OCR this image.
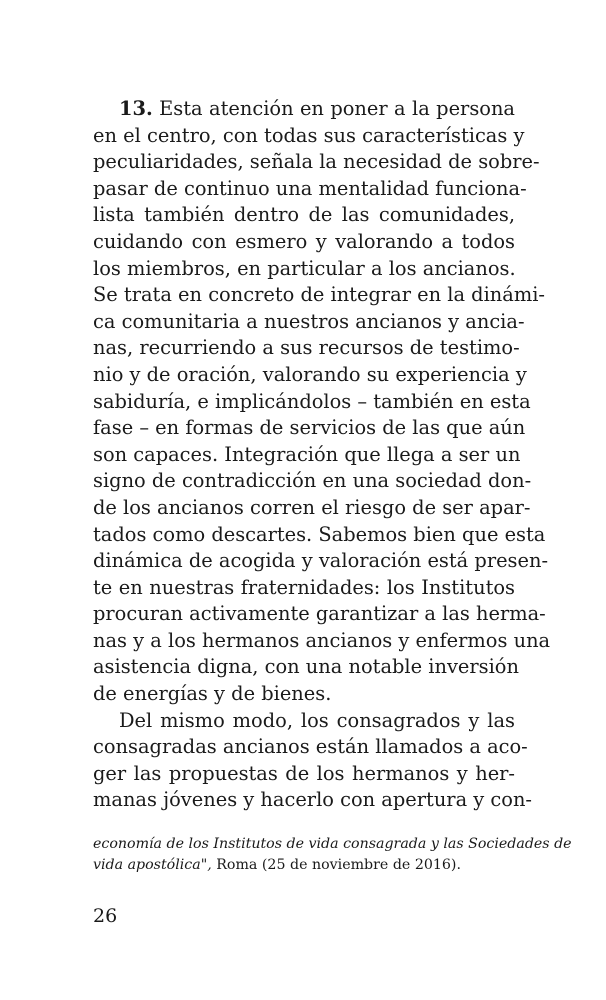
13. Esta atención en poner a la persona
en el centro, con todas sus características y
peculiaridades, señala la necesidad de sobre-
pasar de continuo una mentalidad funciona-
lista también dentro de las comunidades,
cuidando con esmero y valorando a todos
los miembros, en particular a los ancianos.
Se trata en concreto de integrar en la dinámi-
ca comunitaria a nuestros ancianos y ancia-
nas, recurriendo a sus recursos de testimo-
nio y de oración, valorando su experiencia y
sabiduría, e implicándolos – también en esta
fase – en formas de servicios de las que aún
son capaces. Integración que llega a ser un
signo de contradicción en una sociedad don-
de los ancianos corren el riesgo de ser apar-
tados como descartes. Sabemos bien que esta
dinámica de acogida y valoración está presen-
te en nuestras fraternidades: los Institutos
procuran activamente garantizar a las herma-
nas y a los hermanos ancianos y enfermos una
asistencia digna, con una notable inversión
de energías y de bienes.
Del mismo modo, los consagrados y las
consagradas ancianos están llamados a aco-
ger las propuestas de los hermanos y her-
manas jóvenes y hacerlo con apertura y con-
economía de los Institutos de vida consagrada y las Sociedades de
vida apostólica", Roma (25 de noviembre de 2016).
26
